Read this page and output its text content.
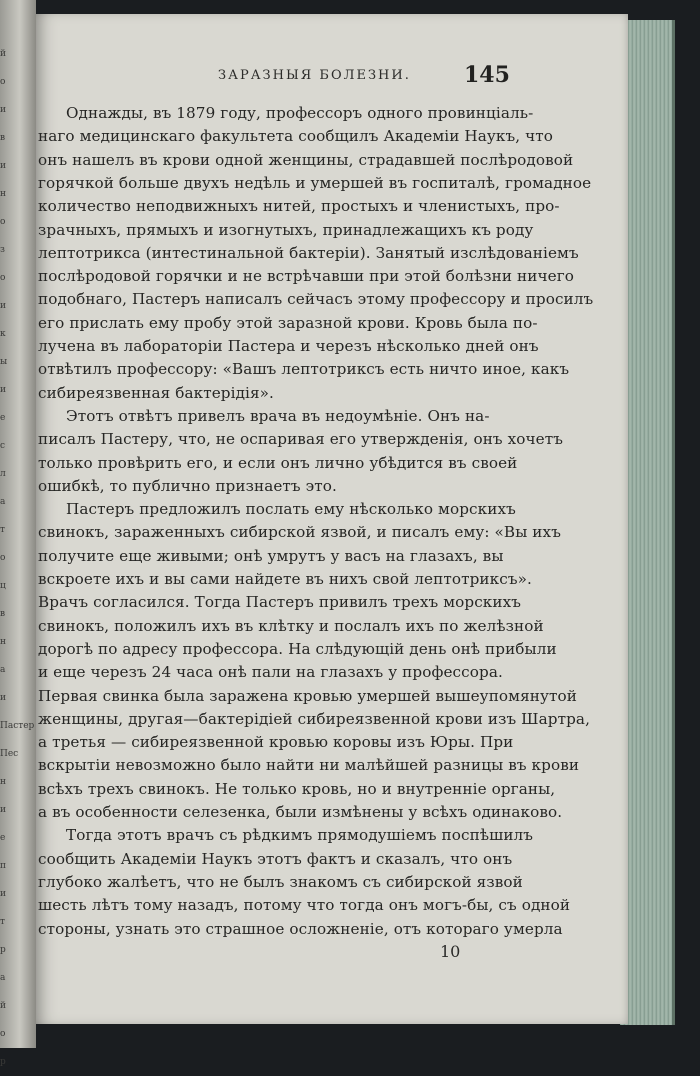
й
о
и
в
и
н
о
з
о
и
к
ы
и
е
с
л
а
т
о
ц
в
н
а
и
Пастер
Пес
н
и
е
п
и
т
р
а
й
о
р
ЗАРАЗНЫЯ БОЛЕЗНИ. 145
Однажды, въ 1879 году, профессоръ одного провинціаль-
наго медицинскаго факультета сообщилъ Академіи Наукъ, что
онъ нашелъ въ крови одной женщины, страдавшей послѣродовой
горячкой больше двухъ недѣль и умершей въ госпиталѣ, громадное
количество неподвижныхъ нитей, простыхъ и членистыхъ, про-
зрачныхъ, прямыхъ и изогнутыхъ, принадлежащихъ къ роду
лептотрикса (интестинальной бактеріи). Занятый изслѣдованіемъ
послѣродовой горячки и не встрѣчавши при этой болѣзни ничего
подобнаго, Пастеръ написалъ сейчасъ этому профессору и просилъ
его прислать ему пробу этой заразной крови. Кровь была по-
лучена въ лабораторіи Пастера и черезъ нѣсколько дней онъ
отвѣтилъ профессору: «Вашъ лептотриксъ есть ничто иное, какъ
сибиреязвенная бактерідія».
Этотъ отвѣтъ привелъ врача въ недоумѣніе. Онъ на-
писалъ Пастеру, что, не оспаривая его утвержденія, онъ хочетъ
только провѣрить его, и если онъ лично убѣдится въ своей
ошибкѣ, то публично признаетъ это.
Пастеръ предложилъ послать ему нѣсколько морскихъ
свинокъ, зараженныхъ сибирской язвой, и писалъ ему: «Вы ихъ
получите еще живыми; онѣ умрутъ у васъ на глазахъ, вы
вскроете ихъ и вы сами найдете въ нихъ свой лептотриксъ».
Врачъ согласился. Тогда Пастеръ привилъ трехъ морскихъ
свинокъ, положилъ ихъ въ клѣтку и послалъ ихъ по желѣзной
дорогѣ по адресу профессора. На слѣдующій день онѣ прибыли
и еще черезъ 24 часа онѣ пали на глазахъ у профессора.
Первая свинка была заражена кровью умершей вышеупомянутой
женщины, другая—бактерідіей сибиреязвенной крови изъ Шартра,
а третья — сибиреязвенной кровью коровы изъ Юры. При
вскрытіи невозможно было найти ни малѣйшей разницы въ крови
всѣхъ трехъ свинокъ. Не только кровь, но и внутренніе органы,
а въ особенности селезенка, были измѣнены у всѣхъ одинаково.
Тогда этотъ врачъ съ рѣдкимъ прямодушіемъ поспѣшилъ
сообщить Академіи Наукъ этотъ фактъ и сказалъ, что онъ
глубоко жалѣетъ, что не былъ знакомъ съ сибирской язвой
шесть лѣтъ тому назадъ, потому что тогда онъ могъ-бы, съ одной
стороны, узнать это страшное осложненіе, отъ котораго умерла
10
